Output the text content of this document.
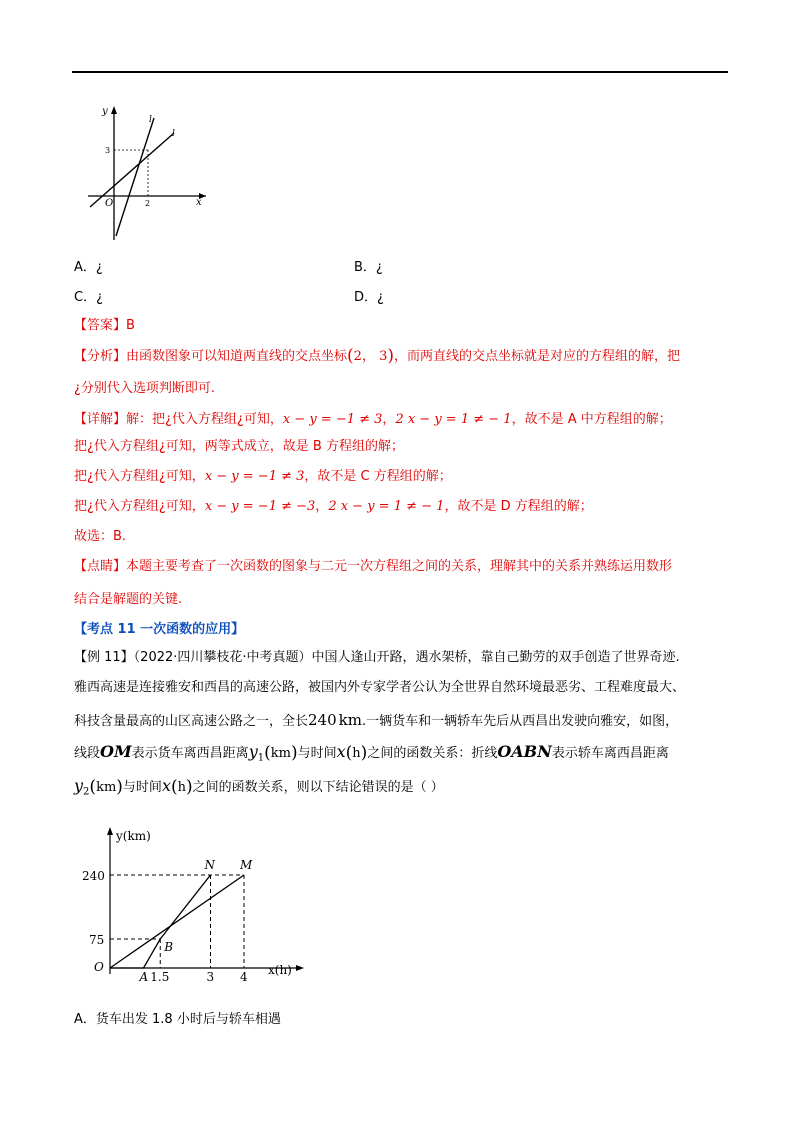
y
x
O
3
2
l
l
A．¿	B．¿
C．¿	D．¿
【答案】B
【分析】由函数图象可以知道两直线的交点坐标(2， 3)，而两直线的交点坐标就是对应的方程组的解，把
¿分别代入选项判断即可.
【详解】解：把¿代入方程组¿可知，x − y = −1 ≠ 3，2 x − y = 1 ≠ − 1，故不是 A 中方程组的解；
把¿代入方程组¿可知，两等式成立，故是 B 方程组的解；
把¿代入方程组¿可知，x − y = −1 ≠ 3，故不是 C 方程组的解；
把¿代入方程组¿可知，x − y = −1 ≠ −3，2 x − y = 1 ≠ − 1，故不是 D 方程组的解；
故选：B.
【点睛】本题主要考查了一次函数的图象与二元一次方程组之间的关系，理解其中的关系并熟练运用数形
结合是解题的关键.
【考点 11 一次函数的应用】
【例 11】（2022·四川攀枝花·中考真题）中国人逢山开路，遇水架桥，靠自己勤劳的双手创造了世界奇迹.
雅西高速是连接雅安和西昌的高速公路，被国内外专家学者公认为全世界自然环境最恶劣、工程难度最大、
科技含量最高的山区高速公路之一，全长240 km.一辆货车和一辆轿车先后从西昌出发驶向雅安，如图，
线段OM表示货车离西昌距离$y_1(km)$与时间x(h)之间的函数关系：折线OABN表示轿车离西昌距离
$y_2(km)$与时间x(h)之间的函数关系，则以下结论错误的是（ ）
y(km)
x(h)
O
240
75
1.5	3 4
N M
B
A
A．货车出发 1.8 小时后与轿车相遇
